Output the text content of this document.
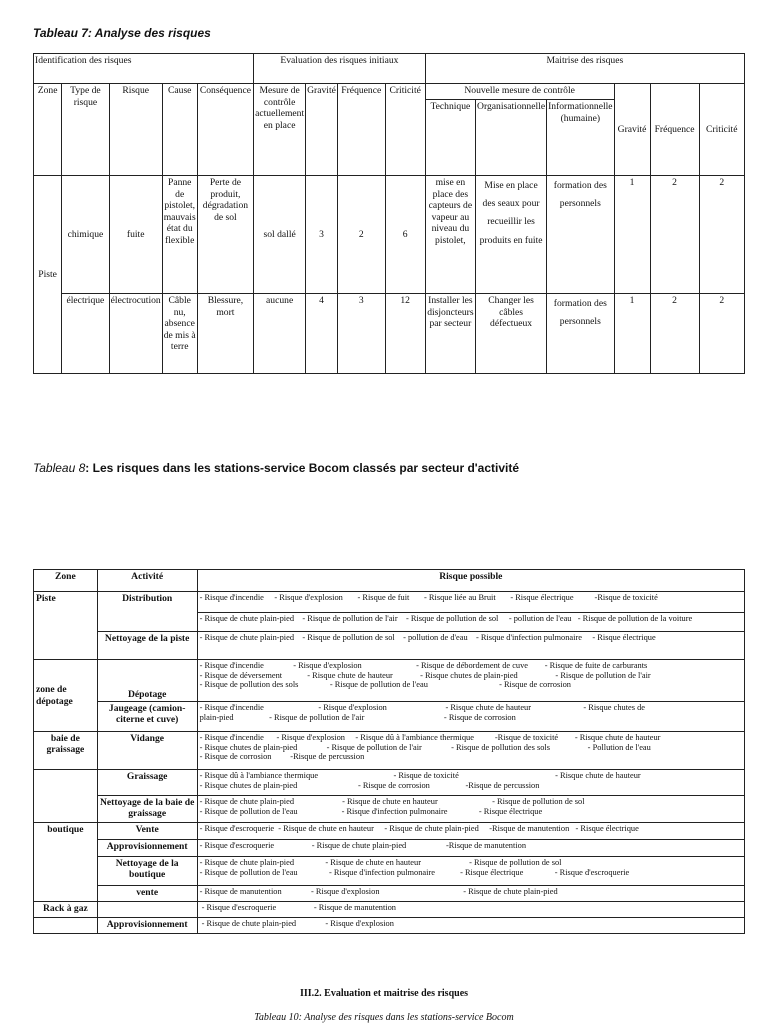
Tableau 7: Analyse des risques
Identification des risques					Evaluation des risques initiaux				Maitrise des risques					
Zone	Type de risque	Risque	Cause	Conséquence	Mesure de contrôle actuellement en place	Gravité	Fréquence	Criticité	Nouvelle mesure de contrôle			Gravité	Fréquence	Criticité
									Technique	Organisationnelle	Informationnelle (humaine)			
Piste	chimique	fuite	Panne de pistolet, mauvais état du flexible	Perte de produit, dégradation de sol	sol dallé	3	2	6	mise en place des capteurs de vapeur au niveau du pistolet,	Mise en place des seaux pour recueillir les produits en fuite	formation des personnels	1	2	2
	électrique	électrocution	Câble nu, absence de mis à terre	Blessure, mort	aucune	4	3	12	Installer les disjoncteurs par secteur	Changer les câbles défectueux	formation des personnels	1	2	2
Tableau 8: Les risques dans les stations-service Bocom classés par secteur d'activité
Zone	Activité	Risque possible
Piste	Distribution	- Risque d'incendie     - Risque d'explosion       - Risque de fuit       - Risque liée au Bruit       - Risque électrique          -Risque de toxicité
		- Risque de chute plain-pied    - Risque de pollution de l'air    - Risque de pollution de sol     - pollution de l'eau   - Risque de pollution de la voiture
	Nettoyage de la piste	- Risque de chute plain-pied    - Risque de pollution de sol    - pollution de d'eau    - Risque d'infection pulmonaire     - Risque électrique
zone de dépotage	Dépotage	- Risque d'incendie              - Risque d'explosion                          - Risque de débordement de cuve        - Risque de fuite de carburants
- Risque de déversement            - Risque chute de hauteur             - Risque chutes de plain-pied                  - Risque de pollution de l'air
- Risque de pollution des sols               - Risque de pollution de l'eau                                  - Risque de corrosion
	Jaugeage (camion-citerne et cuve)	- Risque d'incendie                          - Risque d'explosion                            - Risque chute de hauteur                         - Risque chutes de
plain-pied                 - Risque de pollution de l'air                                      - Risque de corrosion
baie de graissage	Vidange	- Risque d'incendie      - Risque d'explosion     - Risque dû à l'ambiance thermique          -Risque de toxicité        - Risque chute de hauteur
- Risque chutes de plain-pied              - Risque de pollution de l'air              - Risque de pollution des sols                  - Pollution de l'eau
- Risque de corrosion         -Risque de percussion
	Graissage	- Risque dû à l'ambiance thermique                                    - Risque de toxicité                                              - Risque chute de hauteur
- Risque chutes de plain-pied                             - Risque de corrosion                 -Risque de percussion
	Nettoyage de la baie de graissage	- Risque de chute plain-pied                       - Risque de chute en hauteur                          - Risque de pollution de sol
- Risque de pollution de l'eau                     - Risque d'infection pulmonaire               - Risque électrique
boutique	Vente	- Risque d'escroquerie  - Risque de chute en hauteur     - Risque de chute plain-pied     -Risque de manutention   - Risque électrique
	Approvisionnement	- Risque d'escroquerie                  - Risque de chute plain-pied                   -Risque de manutention
	Nettoyage de la boutique	- Risque de chute plain-pied               - Risque de chute en hauteur                       - Risque de pollution de sol
- Risque de pollution de l'eau               - Risque d'infection pulmonaire            - Risque électrique               - Risque d'escroquerie
	vente	- Risque de manutention              - Risque d'explosion                                        - Risque de chute plain-pied
Rack à gaz		- Risque d'escroquerie                  - Risque de manutention
	Approvisionnement	- Risque de chute plain-pied              - Risque d'explosion
III.2. Evaluation et maitrise des risques
Tableau 10: Analyse des risques dans les stations-service Bocom
